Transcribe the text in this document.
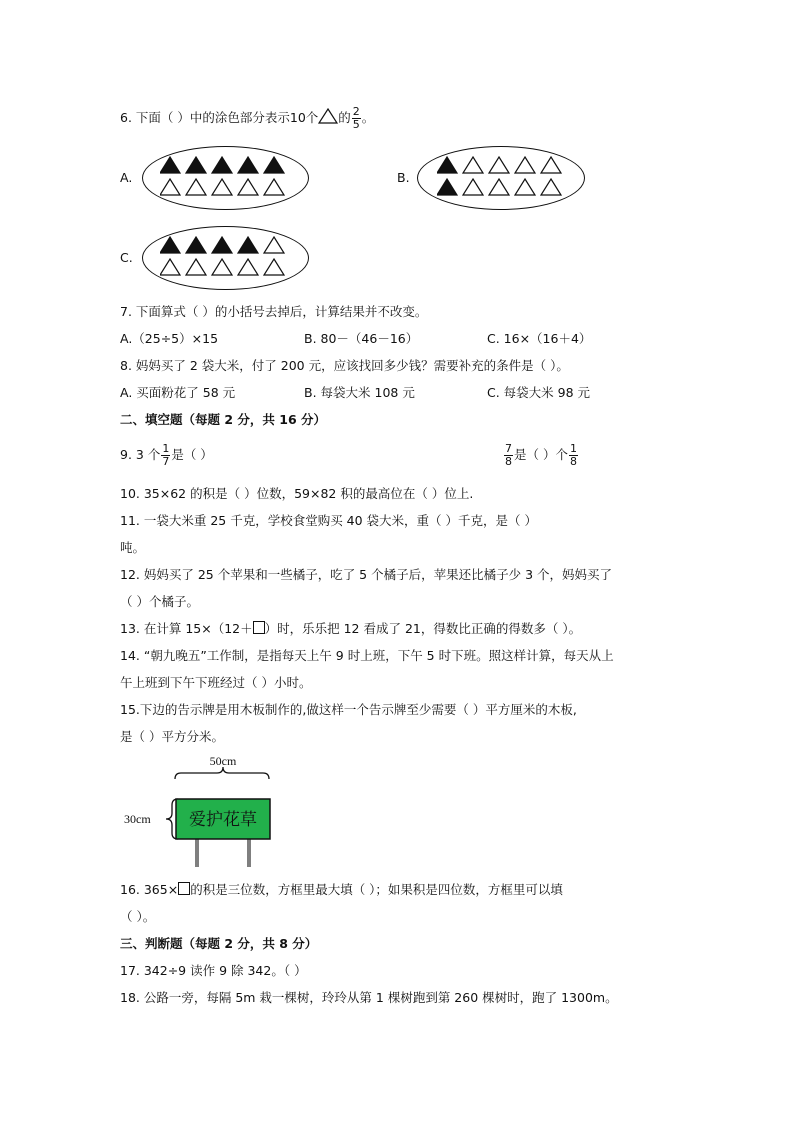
6. 下面（ ）中的涂色部分表示10个 的 $\frac{2}{5}$ 。
A.	B.
C.
7. 下面算式（ ）的小括号去掉后，计算结果并不改变。
A.（25÷5）×15	B. 80－（46－16）	C. 16×（16＋4）
8. 妈妈买了 2 袋大米，付了 200 元，应该找回多少钱？需要补充的条件是（ ）。
A. 买面粉花了 58 元	B. 每袋大米 108 元	C. 每袋大米 98 元
二、填空题（每题 2 分，共 16 分）
9. 3 个 $\frac{1}{7}$ 是（ ）	$\frac{7}{8}$ 是（ ）个 $\frac{1}{8}$
10. 35×62 的积是（ ）位数，59×82 积的最高位在（ ）位上.
11. 一袋大米重 25 千克，学校食堂购买 40 袋大米，重（ ）千克，是（ ）
吨。
12. 妈妈买了 25 个苹果和一些橘子，吃了 5 个橘子后，苹果还比橘子少 3 个，妈妈买了
（ ）个橘子。
13. 在计算 15×（12＋ ）时，乐乐把 12 看成了 21，得数比正确的得数多（ ）。
14. “朝九晚五”工作制，是指每天上午 9 时上班，下午 5 时下班。照这样计算，每天从上
午上班到下午下班经过（ ）小时。
15.下边的告示牌是用木板制作的,做这样一个告示牌至少需要（ ）平方厘米的木板,
是（ ）平方分米。
50cm
30cm 爱护花草
16. 365× 的积是三位数，方框里最大填（ ）；如果积是四位数，方框里可以填
（ ）。
三、判断题（每题 2 分，共 8 分）
17. 342÷9 读作 9 除 342。（ ）
18. 公路一旁，每隔 5m 栽一棵树，玲玲从第 1 棵树跑到第 260 棵树时，跑了 1300m。
